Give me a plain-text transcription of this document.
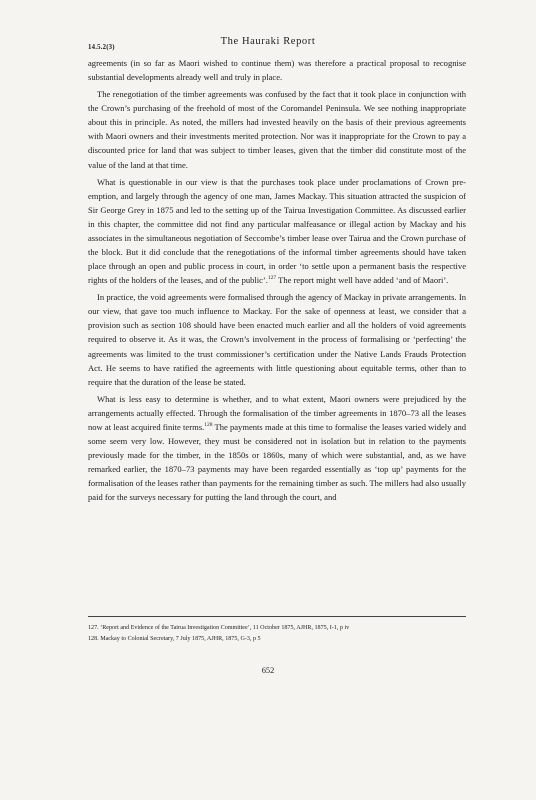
14.5.2(3)
The Hauraki Report

agreements (in so far as Maori wished to continue them) was therefore a practical proposal to recognise substantial developments already well and truly in place.

The renegotiation of the timber agreements was confused by the fact that it took place in conjunction with the Crown’s purchasing of the freehold of most of the Coromandel Peninsula. We see nothing inappropriate about this in principle. As noted, the millers had invested heavily on the basis of their previous agreements with Maori owners and their investments merited protection. Nor was it inappropriate for the Crown to pay a discounted price for land that was subject to timber leases, given that the timber did constitute most of the value of the land at that time.

What is questionable in our view is that the purchases took place under proclamations of Crown pre-emption, and largely through the agency of one man, James Mackay. This situation attracted the suspicion of Sir George Grey in 1875 and led to the setting up of the Tairua Investigation Committee. As discussed earlier in this chapter, the committee did not find any particular malfeasance or illegal action by Mackay and his associates in the simultaneous negotiation of Seccombe’s timber lease over Tairua and the Crown purchase of the block. But it did conclude that the renegotiations of the informal timber agreements should have taken place through an open and public process in court, in order ‘to settle upon a permanent basis the respective rights of the holders of the leases, and of the public’.$^{127}$ The report might well have added ‘and of Maori’.

In practice, the void agreements were formalised through the agency of Mackay in private arrangements. In our view, that gave too much influence to Mackay. For the sake of openness at least, we consider that a provision such as section 108 should have been enacted much earlier and all the holders of void agreements required to observe it. As it was, the Crown’s involvement in the process of formalising or ‘perfecting’ the agreements was limited to the trust commissioner’s certification under the Native Lands Frauds Protection Act. He seems to have ratified the agreements with little questioning about equitable terms, other than to require that the duration of the lease be stated.

What is less easy to determine is whether, and to what extent, Maori owners were prejudiced by the arrangements actually effected. Through the formalisation of the timber agreements in 1870–73 all the leases now at least acquired finite terms.$^{128}$ The payments made at this time to formalise the leases varied widely and some seem very low. However, they must be considered not in isolation but in relation to the payments previously made for the timber, in the 1850s or 1860s, many of which were substantial, and, as we have remarked earlier, the 1870–73 payments may have been regarded essentially as ‘top up’ payments for the formalisation of the leases rather than payments for the remaining timber as such. The millers had also usually paid for the surveys necessary for putting the land through the court, and

127. ‘Report and Evidence of the Tairua Investigation Committee’, 11 October 1875, AJHR, 1875, I-1, p iv

128. Mackay to Colonial Secretary, 7 July 1875, AJHR, 1875, G-3, p 5

652
